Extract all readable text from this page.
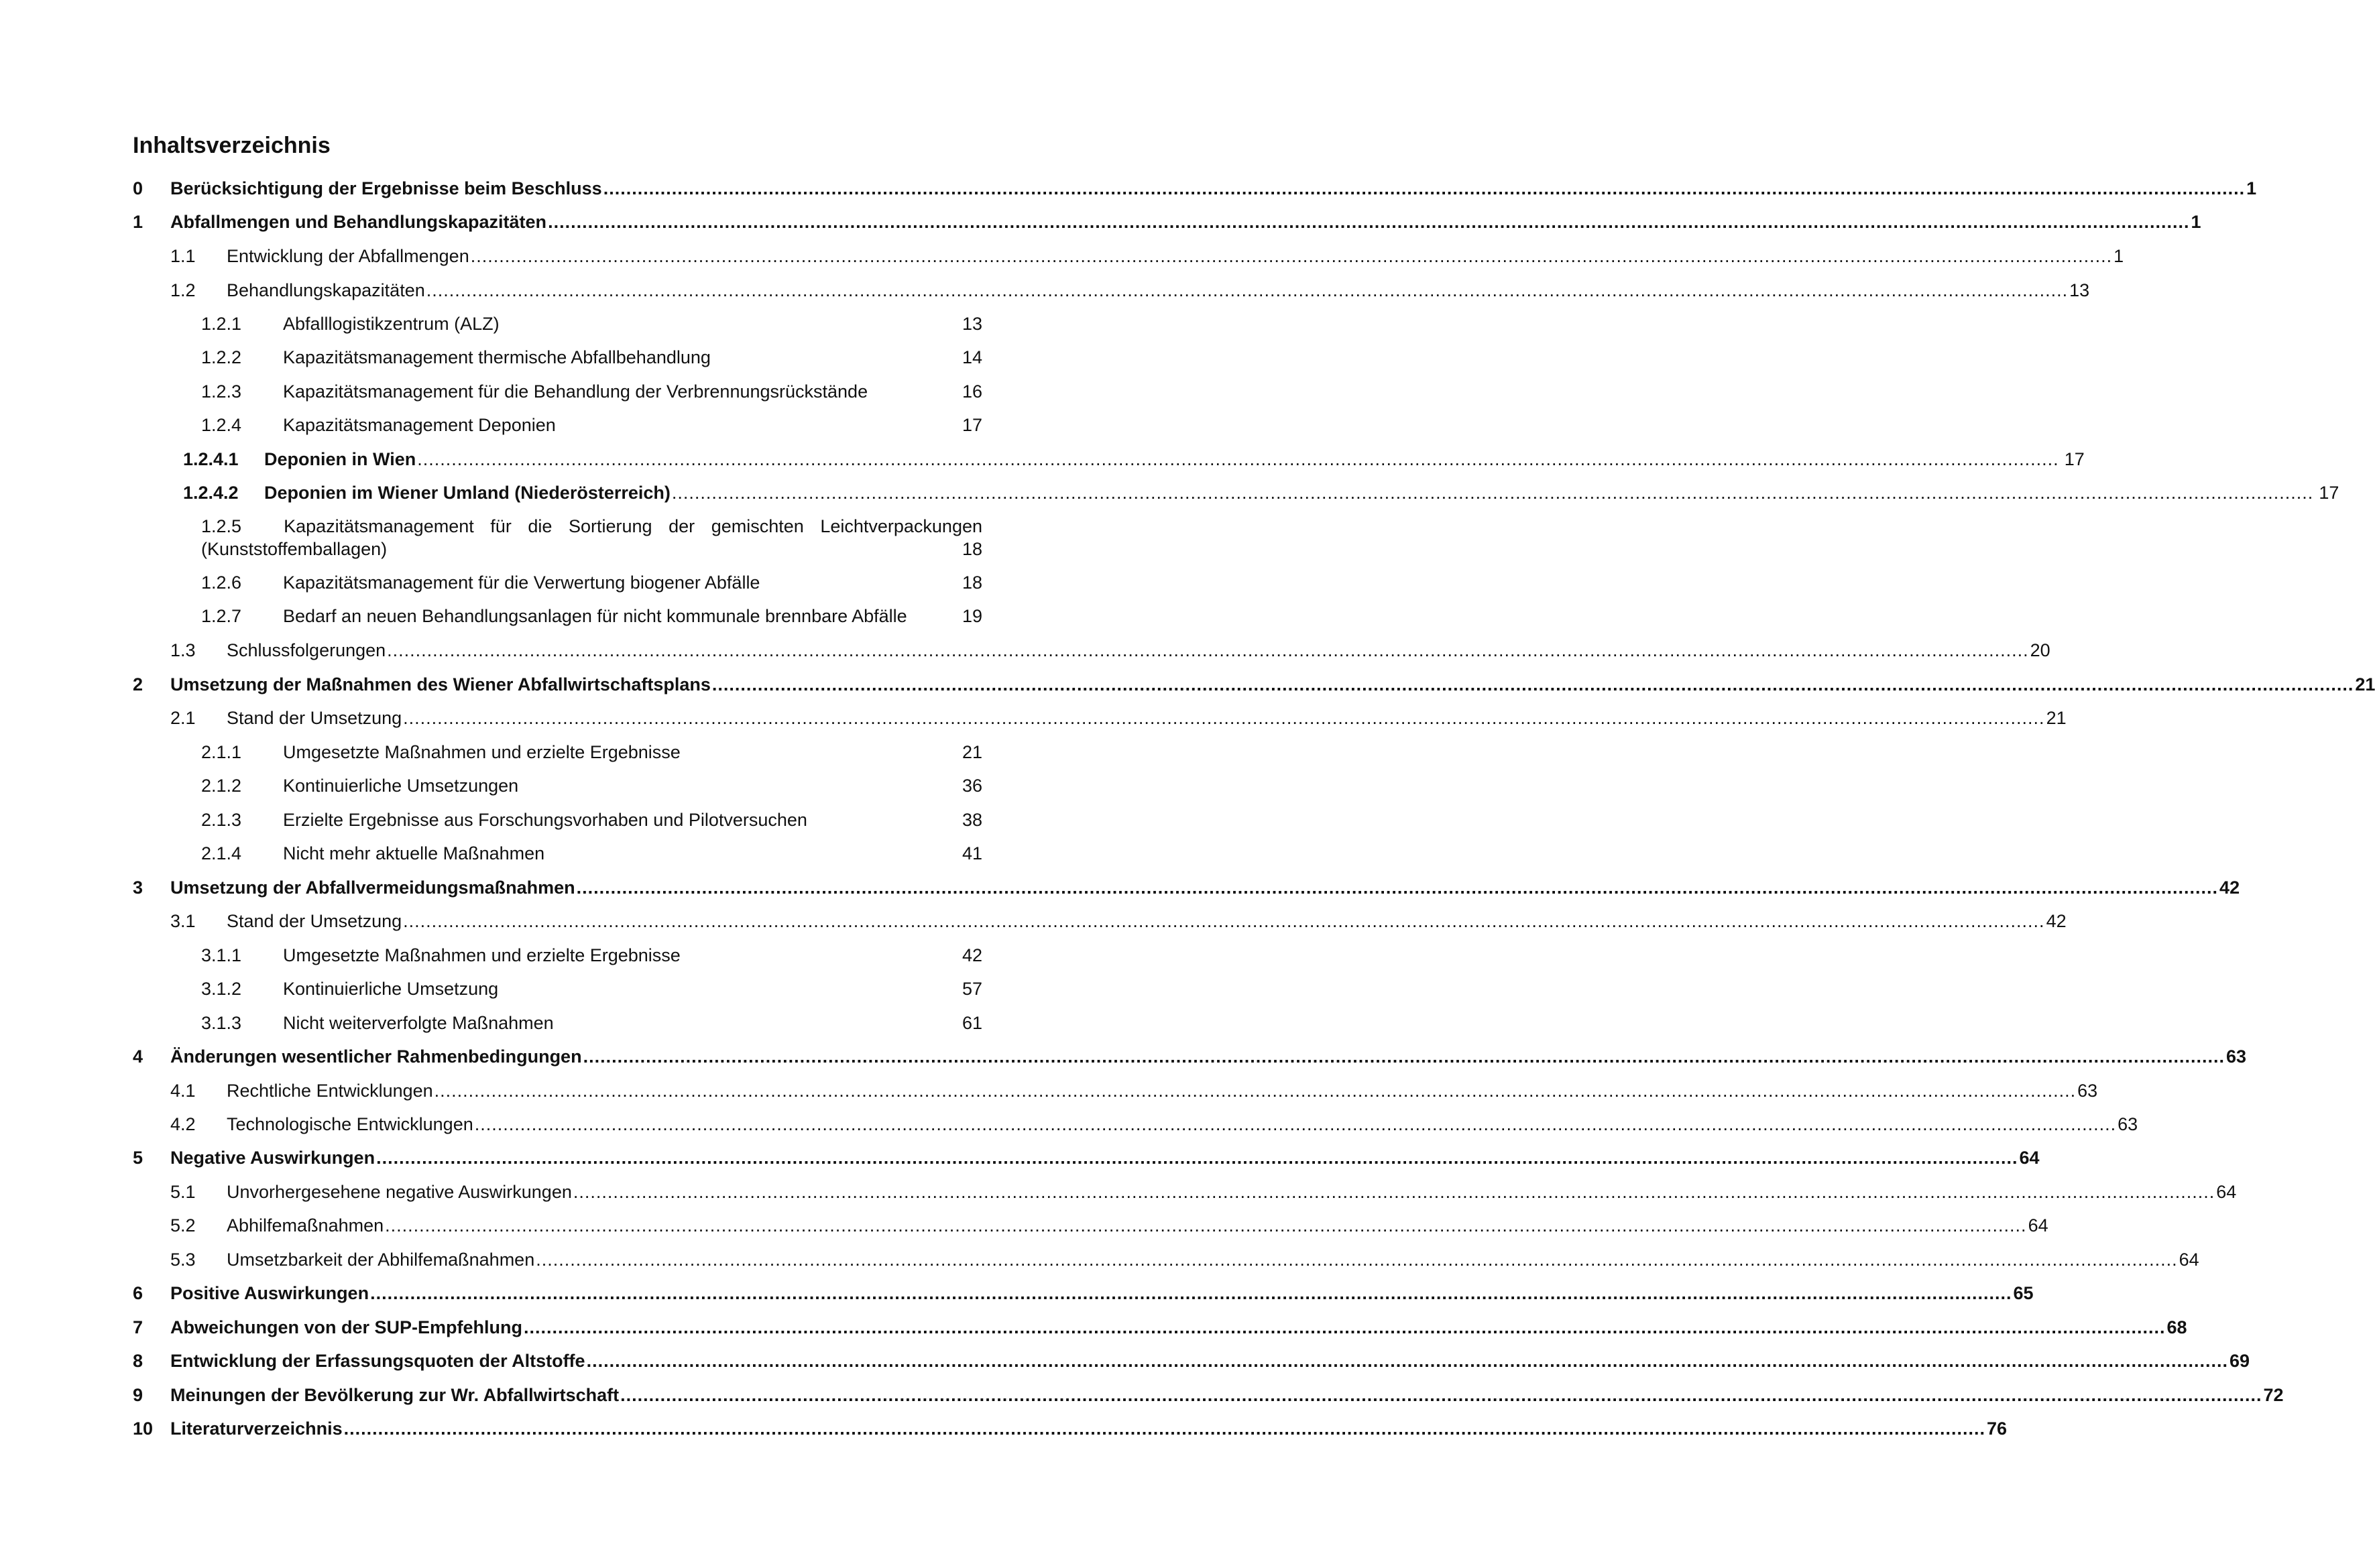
Inhaltsverzeichnis
0 Berücksichtigung der Ergebnisse beim Beschluss ................................................................................................................................................................................................................................................................................................ 1
1 Abfallmengen und Behandlungskapazitäten ................................................................................................................................................................................................................................................................................................ 1
1.1 Entwicklung der Abfallmengen ................................................................................................................................................................................................................................................................................................ 1
1.2 Behandlungskapazitäten ................................................................................................................................................................................................................................................................................................ 13
1.2.1 Abfalllogistikzentrum (ALZ)	13
1.2.2 Kapazitätsmanagement thermische Abfallbehandlung	14
1.2.3 Kapazitätsmanagement für die Behandlung der Verbrennungsrückstände	16
1.2.4 Kapazitätsmanagement Deponien	17
1.2.4.1 Deponien in Wien ................................................................................................................................................................................................................................................................................................ 17
1.2.4.2 Deponien im Wiener Umland (Niederösterreich) ................................................................................................................................................................................................................................................................................................ 17
1.2.5 Kapazitätsmanagement für die Sortierung der gemischten Leichtverpackungen
(Kunststoffemballagen)	18
1.2.6 Kapazitätsmanagement für die Verwertung biogener Abfälle	18
1.2.7 Bedarf an neuen Behandlungsanlagen für nicht kommunale brennbare Abfälle	19
1.3 Schlussfolgerungen ................................................................................................................................................................................................................................................................................................ 20
2 Umsetzung der Maßnahmen des Wiener Abfallwirtschaftsplans ................................................................................................................................................................................................................................................................................................ 21
2.1 Stand der Umsetzung ................................................................................................................................................................................................................................................................................................ 21
2.1.1 Umgesetzte Maßnahmen und erzielte Ergebnisse	21
2.1.2 Kontinuierliche Umsetzungen	36
2.1.3 Erzielte Ergebnisse aus Forschungsvorhaben und Pilotversuchen	38
2.1.4 Nicht mehr aktuelle Maßnahmen	41
3 Umsetzung der Abfallvermeidungsmaßnahmen ................................................................................................................................................................................................................................................................................................ 42
3.1 Stand der Umsetzung ................................................................................................................................................................................................................................................................................................ 42
3.1.1 Umgesetzte Maßnahmen und erzielte Ergebnisse	42
3.1.2 Kontinuierliche Umsetzung	57
3.1.3 Nicht weiterverfolgte Maßnahmen	61
4 Änderungen wesentlicher Rahmenbedingungen ................................................................................................................................................................................................................................................................................................ 63
4.1 Rechtliche Entwicklungen ................................................................................................................................................................................................................................................................................................ 63
4.2 Technologische Entwicklungen ................................................................................................................................................................................................................................................................................................ 63
5 Negative Auswirkungen ................................................................................................................................................................................................................................................................................................ 64
5.1 Unvorhergesehene negative Auswirkungen ................................................................................................................................................................................................................................................................................................ 64
5.2 Abhilfemaßnahmen ................................................................................................................................................................................................................................................................................................ 64
5.3 Umsetzbarkeit der Abhilfemaßnahmen ................................................................................................................................................................................................................................................................................................ 64
6 Positive Auswirkungen ................................................................................................................................................................................................................................................................................................ 65
7 Abweichungen von der SUP-Empfehlung ................................................................................................................................................................................................................................................................................................ 68
8 Entwicklung der Erfassungsquoten der Altstoffe ................................................................................................................................................................................................................................................................................................ 69
9 Meinungen der Bevölkerung zur Wr. Abfallwirtschaft ................................................................................................................................................................................................................................................................................................ 72
10 Literaturverzeichnis ................................................................................................................................................................................................................................................................................................ 76
